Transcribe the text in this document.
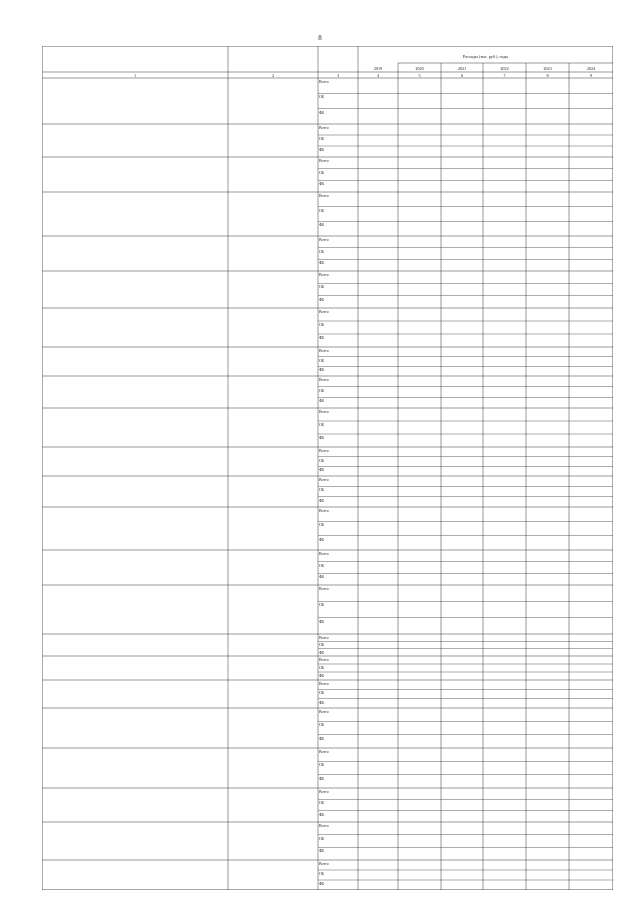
8
Расходы (тыс. руб.), годы
2019	2020	2021	2022	2023	2024
1	2	3	4	5	6	7	8	9
Всего
ОБ
ФБ
Всего
ОБ
ФБ
Всего
ОБ
ФБ
Всего
ОБ
ФБ
Всего
ОБ
ФБ
Всего
ОБ
ФБ
Всего
ОБ
ФБ
Всего
ОБ
ФБ
Всего
ОБ
ФБ
Всего
ОБ
ФБ
Всего
ОБ
ФБ
Всего
ОБ
ФБ
Всего
ОБ
ФБ
Всего
ОБ
ФБ
Всего
ОБ
ФБ
Всего
ОБ
ФБ
Всего
ОБ
ФБ
Всего
ОБ
ФБ
Всего
ОБ
ФБ
Всего
ОБ
ФБ
Всего
ОБ
ФБ
Всего
ОБ
ФБ
Всего
ОБ
ФБ
